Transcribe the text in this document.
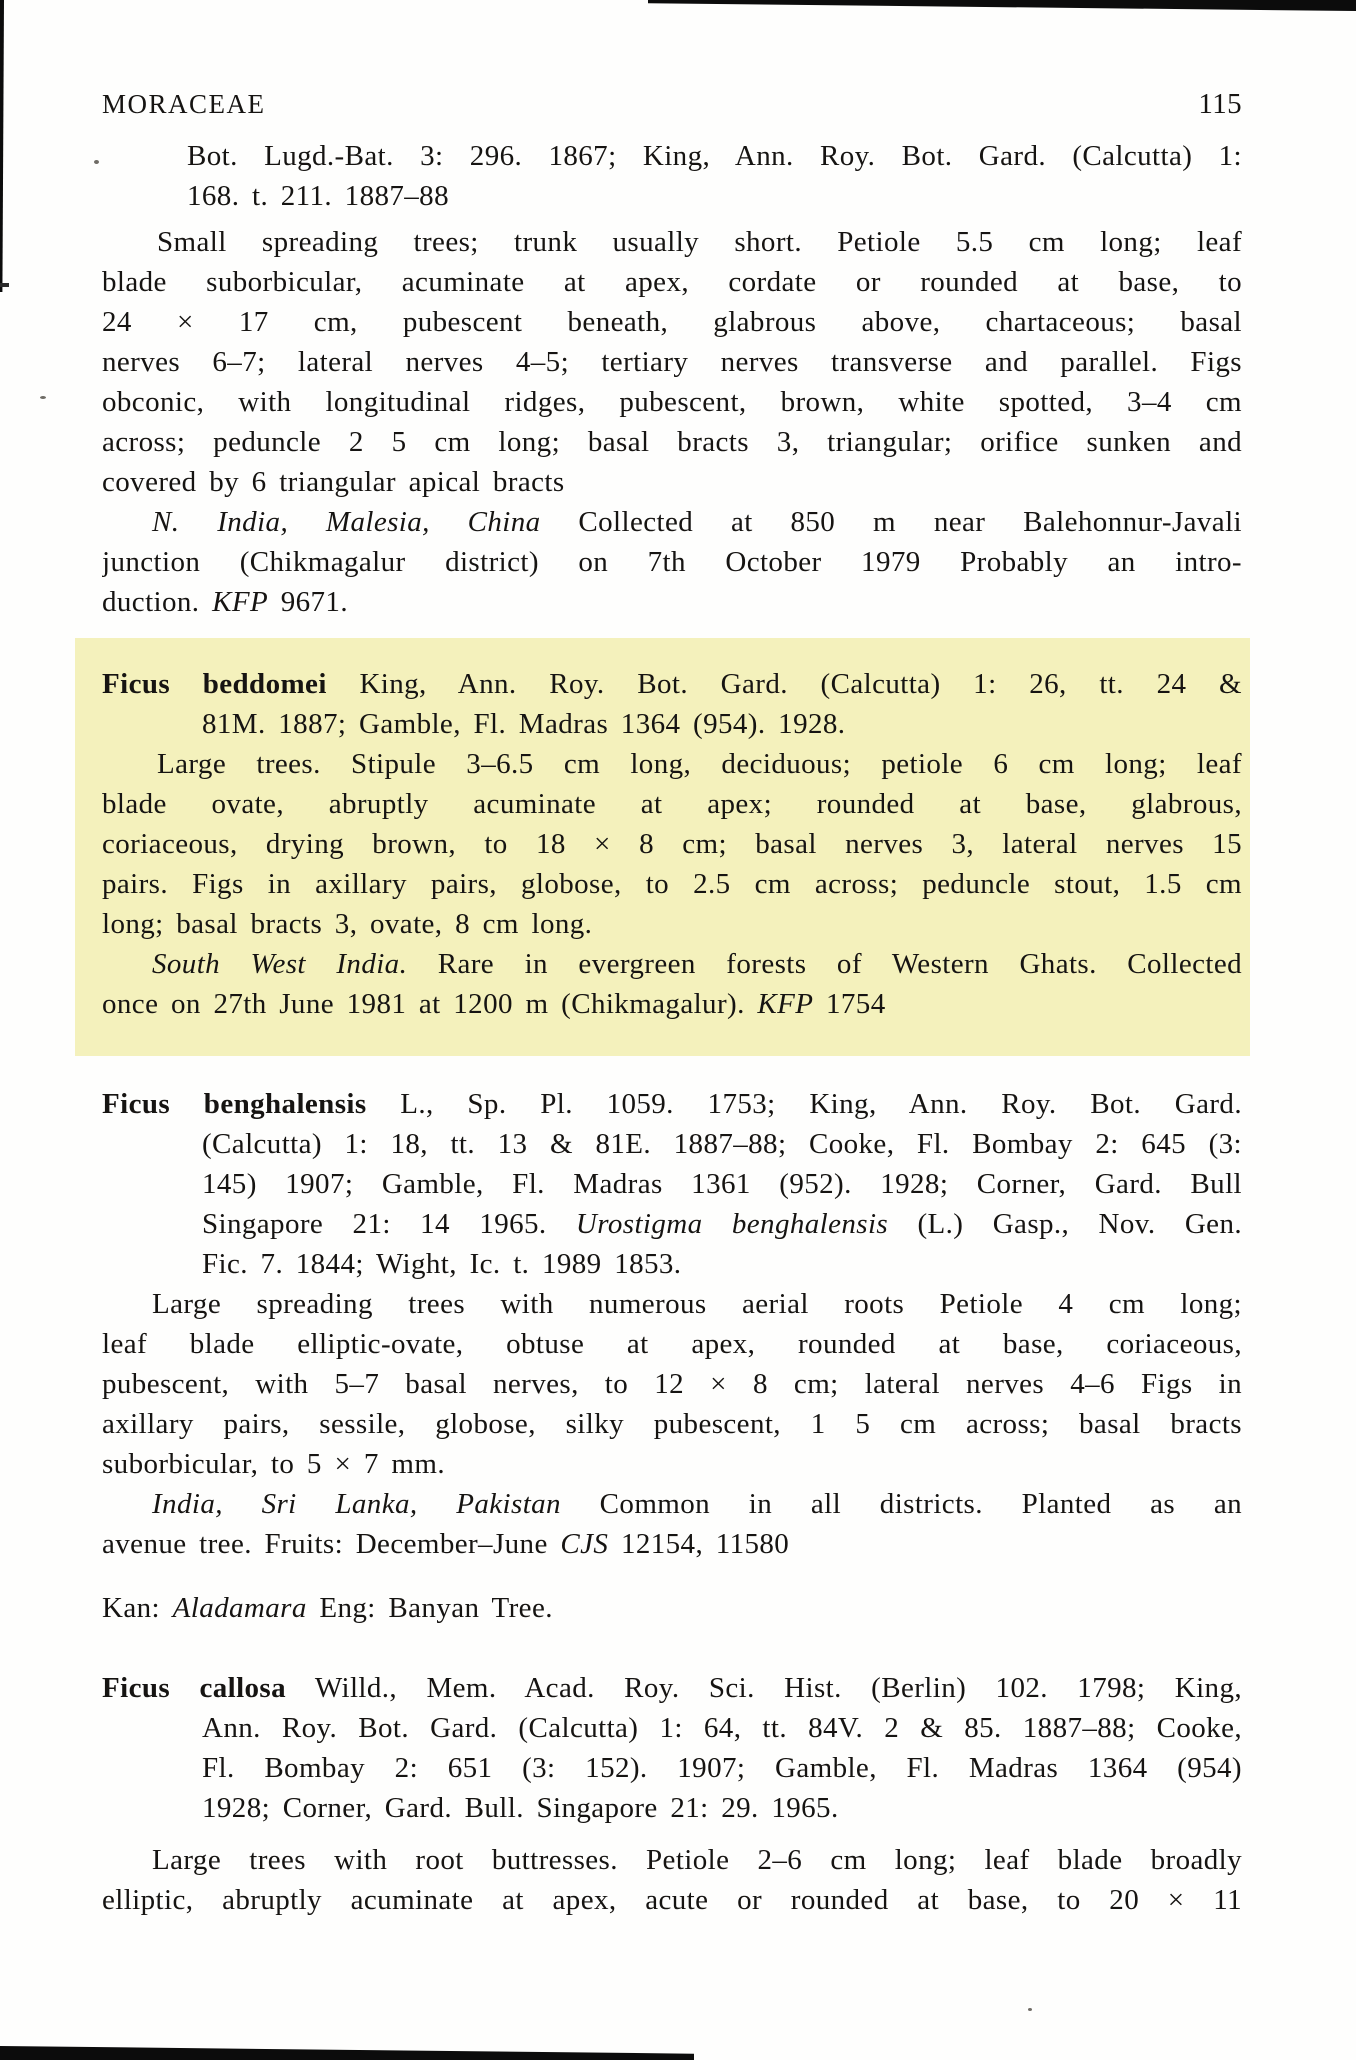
MORACEAE	115
Bot. Lugd.-Bat. 3: 296. 1867; King, Ann. Roy. Bot. Gard. (Calcutta) 1:
168. t. 211. 1887–88
Small spreading trees; trunk usually short. Petiole 5.5 cm long; leaf
blade suborbicular, acuminate at apex, cordate or rounded at base, to
24 × 17 cm, pubescent beneath, glabrous above, chartaceous; basal
nerves 6–7; lateral nerves 4–5; tertiary nerves transverse and parallel. Figs
obconic, with longitudinal ridges, pubescent, brown, white spotted, 3–4 cm
across; peduncle 2 5 cm long; basal bracts 3, triangular; orifice sunken and
covered by 6 triangular apical bracts
N. India, Malesia, China Collected at 850 m near Balehonnur-Javali
junction (Chikmagalur district) on 7th October 1979 Probably an intro-
duction. KFP 9671.
Ficus beddomei King, Ann. Roy. Bot. Gard. (Calcutta) 1: 26, tt. 24 &
81M. 1887; Gamble, Fl. Madras 1364 (954). 1928.
Large trees. Stipule 3–6.5 cm long, deciduous; petiole 6 cm long; leaf
blade ovate, abruptly acuminate at apex; rounded at base, glabrous,
coriaceous, drying brown, to 18 × 8 cm; basal nerves 3, lateral nerves 15
pairs. Figs in axillary pairs, globose, to 2.5 cm across; peduncle stout, 1.5 cm
long; basal bracts 3, ovate, 8 cm long.
South West India. Rare in evergreen forests of Western Ghats. Collected
once on 27th June 1981 at 1200 m (Chikmagalur). KFP 1754
Ficus benghalensis L., Sp. Pl. 1059. 1753; King, Ann. Roy. Bot. Gard.
(Calcutta) 1: 18, tt. 13 & 81E. 1887–88; Cooke, Fl. Bombay 2: 645 (3:
145) 1907; Gamble, Fl. Madras 1361 (952). 1928; Corner, Gard. Bull
Singapore 21: 14 1965. Urostigma benghalensis (L.) Gasp., Nov. Gen.
Fic. 7. 1844; Wight, Ic. t. 1989 1853.
Large spreading trees with numerous aerial roots Petiole 4 cm long;
leaf blade elliptic-ovate, obtuse at apex, rounded at base, coriaceous,
pubescent, with 5–7 basal nerves, to 12 × 8 cm; lateral nerves 4–6 Figs in
axillary pairs, sessile, globose, silky pubescent, 1 5 cm across; basal bracts
suborbicular, to 5 × 7 mm.
India, Sri Lanka, Pakistan Common in all districts. Planted as an
avenue tree. Fruits: December–June CJS 12154, 11580
Kan: Aladamara Eng: Banyan Tree.
Ficus callosa Willd., Mem. Acad. Roy. Sci. Hist. (Berlin) 102. 1798; King,
Ann. Roy. Bot. Gard. (Calcutta) 1: 64, tt. 84V. 2 & 85. 1887–88; Cooke,
Fl. Bombay 2: 651 (3: 152). 1907; Gamble, Fl. Madras 1364 (954)
1928; Corner, Gard. Bull. Singapore 21: 29. 1965.
Large trees with root buttresses. Petiole 2–6 cm long; leaf blade broadly
elliptic, abruptly acuminate at apex, acute or rounded at base, to 20 × 11
